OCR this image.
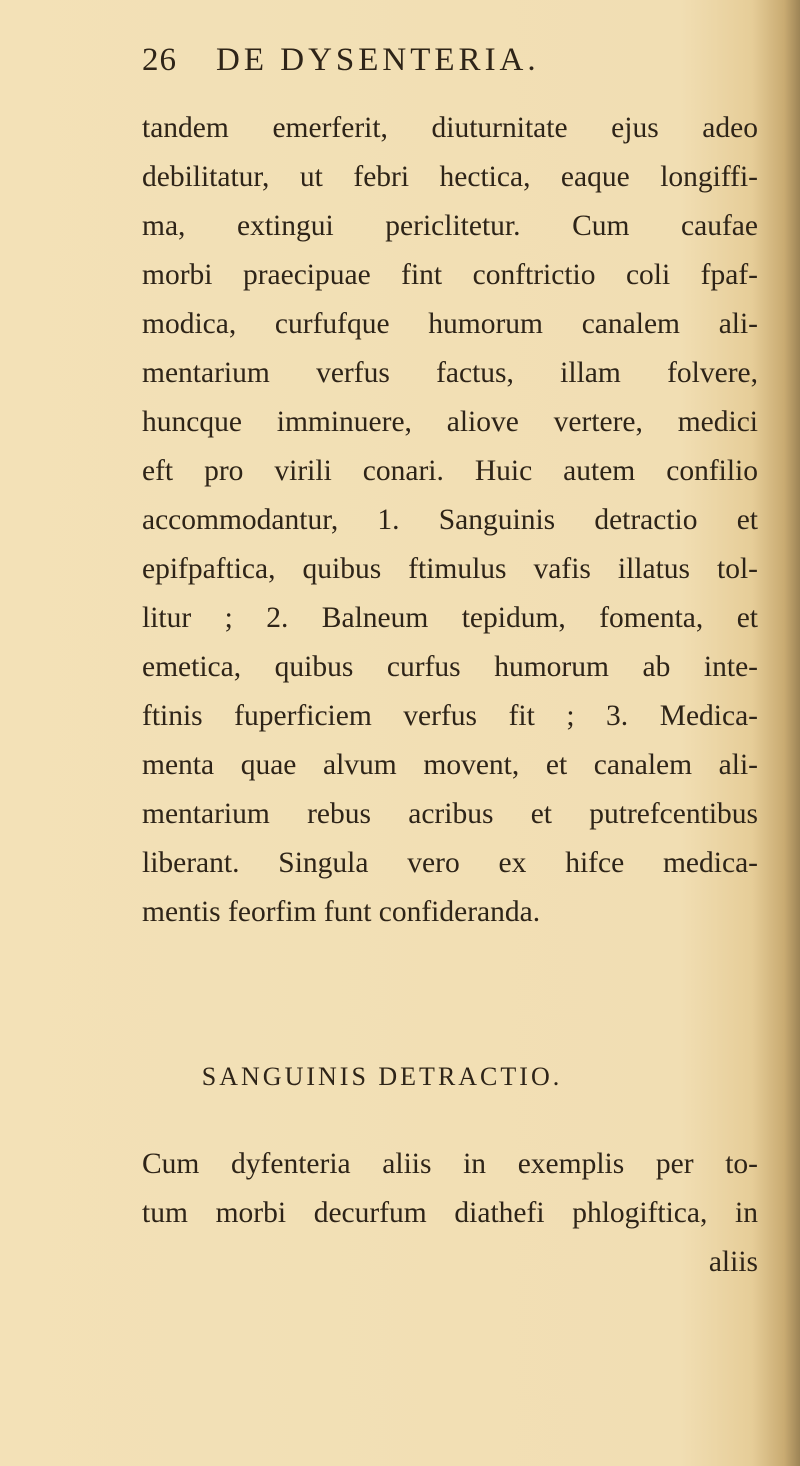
26 DE DYSENTERIA.
tandem emerferit, diuturnitate ejus adeo
debilitatur, ut febri hectica, eaque longiffi-
ma, extingui periclitetur. Cum caufae
morbi praecipuae fint conftrictio coli fpaf-
modica, curfufque humorum canalem ali-
mentarium verfus factus, illam folvere,
huncque imminuere, aliove vertere, medici
eft pro virili conari. Huic autem confilio
accommodantur, 1. Sanguinis detractio et
epifpaftica, quibus ftimulus vafis illatus tol-
litur ; 2. Balneum tepidum, fomenta, et
emetica, quibus curfus humorum ab inte-
ftinis fuperficiem verfus fit ; 3. Medica-
menta quae alvum movent, et canalem ali-
mentarium rebus acribus et putrefcentibus
liberant. Singula vero ex hifce medica-
mentis feorfim funt confideranda.
SANGUINIS DETRACTIO.
Cum dyfenteria aliis in exemplis per to-
tum morbi decurfum diathefi phlogiftica, in
aliis
